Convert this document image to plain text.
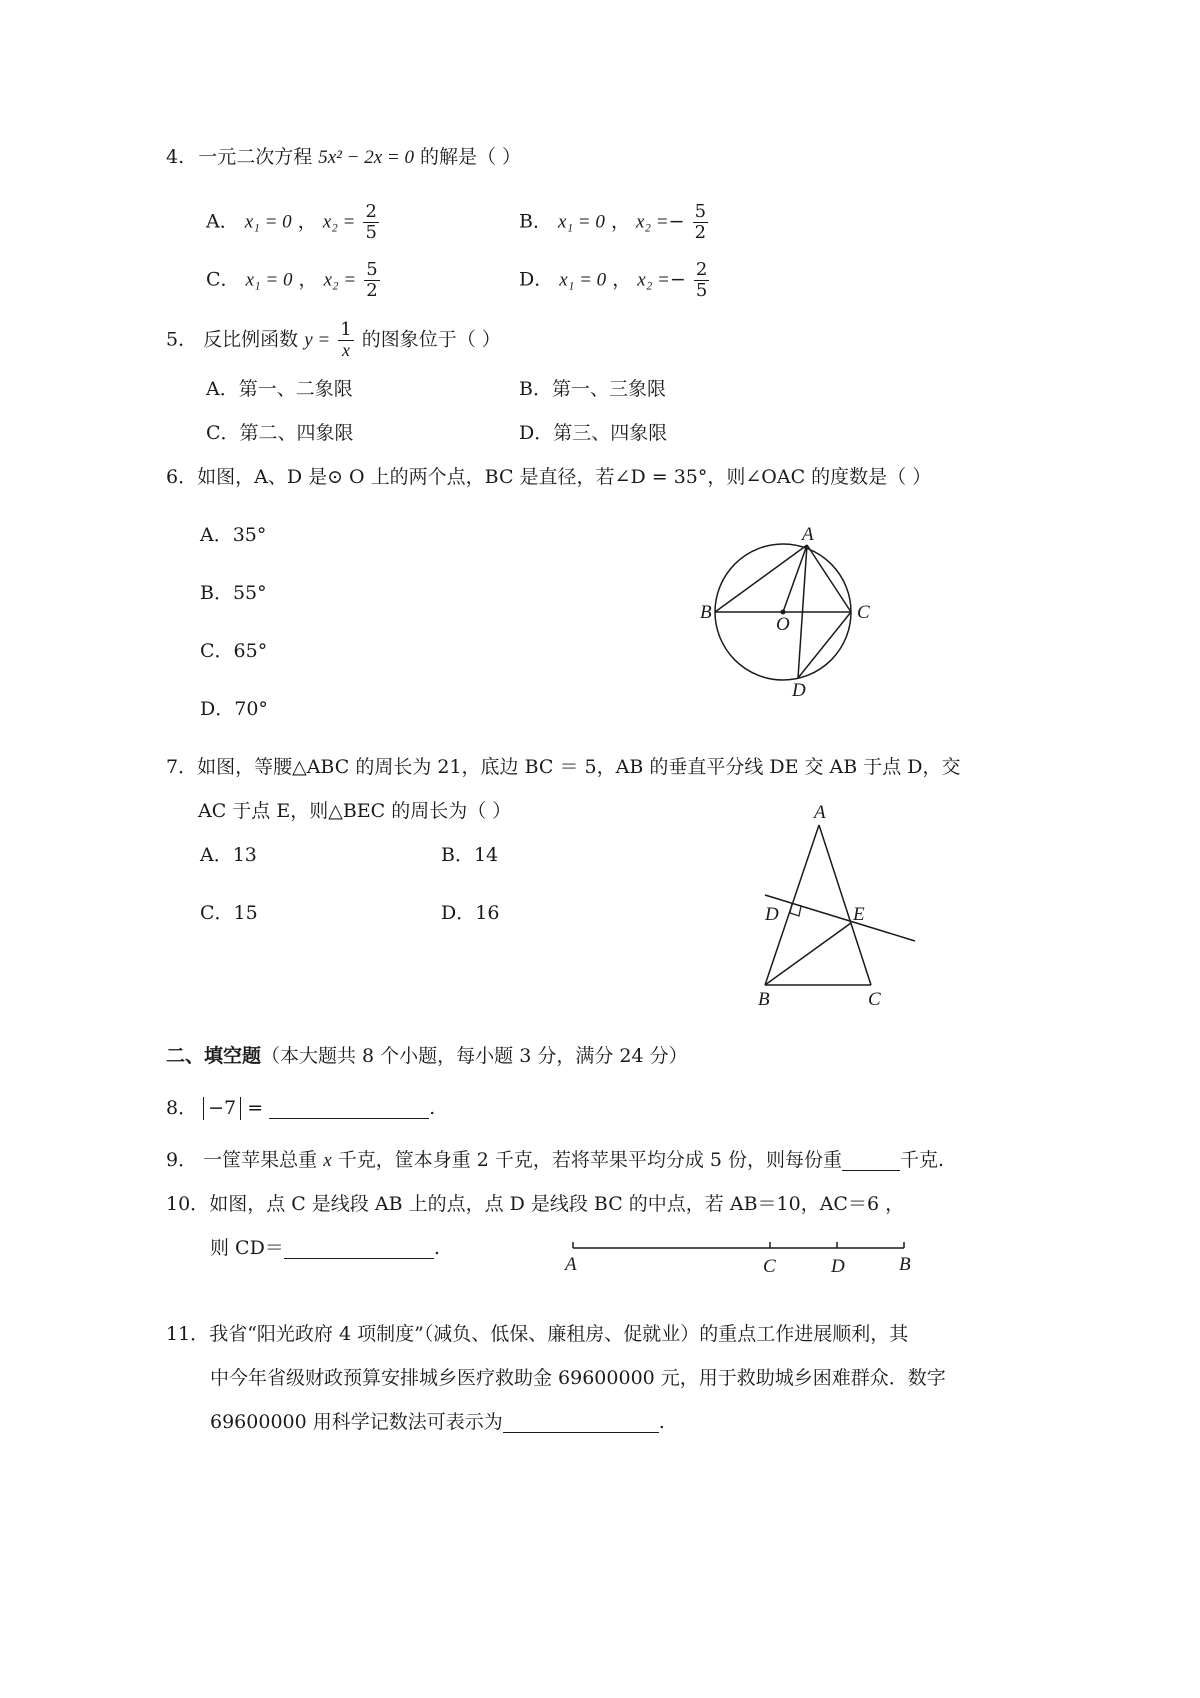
4. 一元二次方程 5x² − 2x = 0 的解是（ ）
A． x₁ = 0 ， $x_2 = \frac{2}{5}$	B． x₁ = 0 ， $x_2 =- \frac{5}{2}$
C． x₁ = 0 ， $x_2 = \frac{5}{2}$	D． x₁ = 0 ， $x_2 =- \frac{2}{5}$
5． 反比例函数 $y = \frac{1}{x}$ 的图象位于（ ）
A．第一、二象限	B．第一、三象限
C．第二、四象限	D．第三、四象限
6．如图，A、D 是⊙ O 上的两个点，BC 是直径，若∠D = 35°，则∠OAC 的度数是（ ）
A．35°
B．55°
C．65°
D．70°
A
B	C
O
D
7．如图，等腰△ABC 的周长为 21，底边 BC ＝ 5，AB 的垂直平分线 DE 交 AB 于点 D，交
AC 于点 E，则△BEC 的周长为（ ）
A．13	B．14
C．15	D．16
A
B	C
D	E
二、填空题（本大题共 8 个小题，每小题 3 分，满分 24 分）
8． −7 =	.
9． 一筐苹果总重 x 千克，筐本身重 2 千克，若将苹果平均分成 5 份，则每份重	千克.
10．如图，点 C 是线段 AB 上的点，点 D 是线段 BC 的中点，若 AB＝10，AC＝6 ，
则 CD＝	.
A	C	D	B
11．我省“阳光政府 4 项制度”（减负、低保、廉租房、促就业）的重点工作进展顺利，其
中今年省级财政预算安排城乡医疗救助金 69600000 元，用于救助城乡困难群众．数字
69600000 用科学记数法可表示为	.
